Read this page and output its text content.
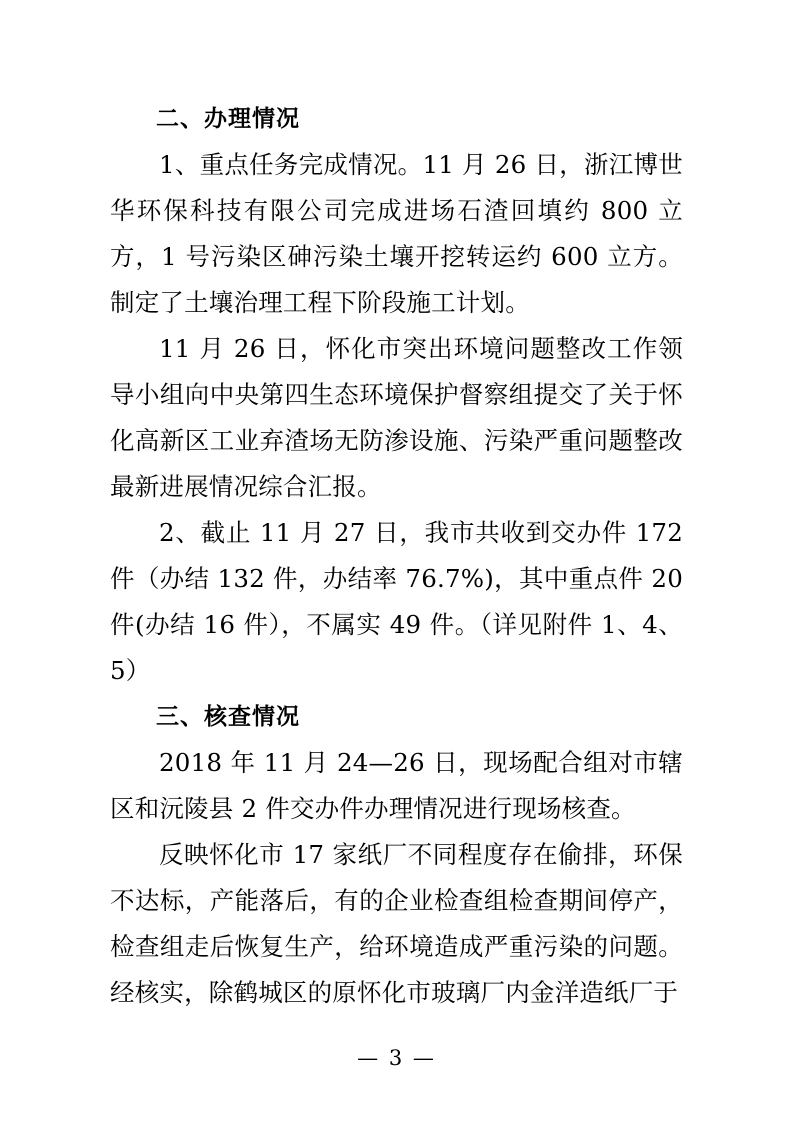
二、办理情况

1、重点任务完成情况。11 月 26 日，浙江博世华环保科技有限公司完成进场石渣回填约 800 立方，1 号污染区砷污染土壤开挖转运约 600 立方。制定了土壤治理工程下阶段施工计划。

11 月 26 日，怀化市突出环境问题整改工作领导小组向中央第四生态环境保护督察组提交了关于怀化高新区工业弃渣场无防渗设施、污染严重问题整改最新进展情况综合汇报。

2、截止 11 月 27 日，我市共收到交办件 172 件（办结 132 件，办结率 76.7%)，其中重点件 20 件(办结 16 件），不属实 49 件。（详见附件 1、4、5）

三、核查情况

2018 年 11 月 24—26 日，现场配合组对市辖区和沅陵县 2 件交办件办理情况进行现场核查。

反映怀化市 17 家纸厂不同程度存在偷排，环保不达标，产能落后，有的企业检查组检查期间停产，检查组走后恢复生产，给环境造成严重污染的问题。经核实，除鹤城区的原怀化市玻璃厂内金洋造纸厂于

— 3 —
